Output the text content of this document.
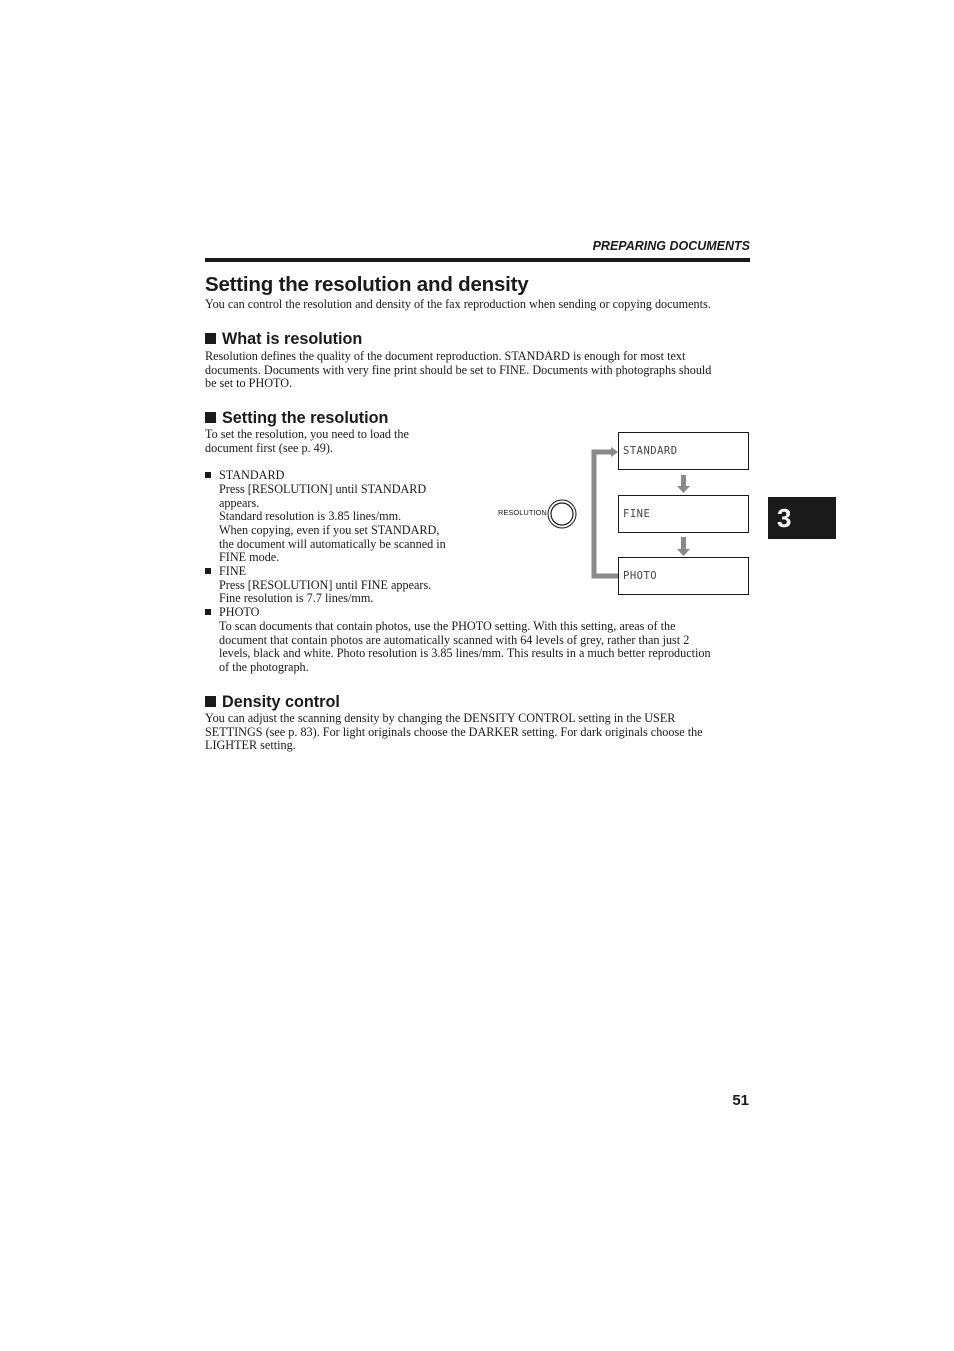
PREPARING DOCUMENTS
Setting the resolution and density

You can control the resolution and density of the fax reproduction when sending or copying documents.

What is resolution

Resolution defines the quality of the document reproduction. STANDARD is enough for most text

documents. Documents with very fine print should be set to FINE. Documents with photographs should

be set to PHOTO.

Setting the resolution

To set the resolution, you need to load the

document first (see p. 49).

STANDARD

Press [RESOLUTION] until STANDARD

appears.

Standard resolution is 3.85 lines/mm.

When copying, even if you set STANDARD,

the document will automatically be scanned in

FINE mode.

FINE

Press [RESOLUTION] until FINE appears.

Fine resolution is 7.7 lines/mm.

PHOTO

To scan documents that contain photos, use the PHOTO setting. With this setting, areas of the

document that contain photos are automatically scanned with 64 levels of grey, rather than just 2

levels, black and white. Photo resolution is 3.85 lines/mm. This results in a much better reproduction

of the photograph.

Density control

You can adjust the scanning density by changing the DENSITY CONTROL setting in the USER

SETTINGS (see p. 83). For light originals choose the DARKER setting. For dark originals choose the

LIGHTER setting.

RESOLUTION
STANDARD
FINE
PHOTO
3
51
